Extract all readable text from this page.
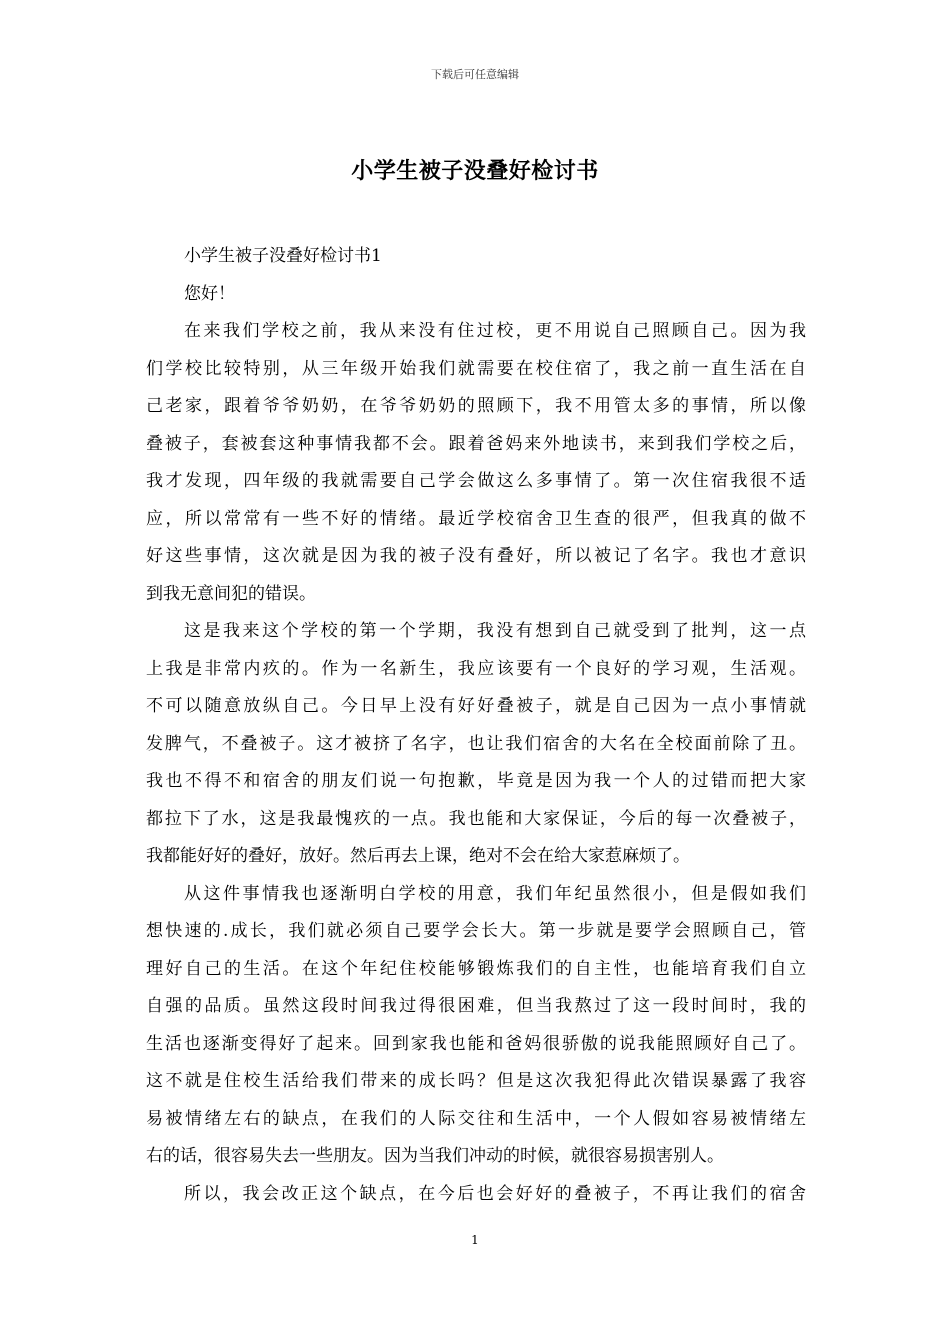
下载后可任意编辑
小学生被子没叠好检讨书
小学生被子没叠好检讨书1
您好！
在来我们学校之前，我从来没有住过校，更不用说自己照顾自己。因为我
们学校比较特别，从三年级开始我们就需要在校住宿了，我之前一直生活在自
己老家，跟着爷爷奶奶，在爷爷奶奶的照顾下，我不用管太多的事情，所以像
叠被子，套被套这种事情我都不会。跟着爸妈来外地读书，来到我们学校之后，
我才发现，四年级的我就需要自己学会做这么多事情了。第一次住宿我很不适
应，所以常常有一些不好的情绪。最近学校宿舍卫生查的很严，但我真的做不
好这些事情，这次就是因为我的被子没有叠好，所以被记了名字。我也才意识
到我无意间犯的错误。
这是我来这个学校的第一个学期，我没有想到自己就受到了批判，这一点
上我是非常内疚的。作为一名新生，我应该要有一个良好的学习观，生活观。
不可以随意放纵自己。今日早上没有好好叠被子，就是自己因为一点小事情就
发脾气，不叠被子。这才被挤了名字，也让我们宿舍的大名在全校面前除了丑。
我也不得不和宿舍的朋友们说一句抱歉，毕竟是因为我一个人的过错而把大家
都拉下了水，这是我最愧疚的一点。我也能和大家保证，今后的每一次叠被子，
我都能好好的叠好，放好。然后再去上课，绝对不会在给大家惹麻烦了。
从这件事情我也逐渐明白学校的用意，我们年纪虽然很小，但是假如我们
想快速的.成长，我们就必须自己要学会长大。第一步就是要学会照顾自己，管
理好自己的生活。在这个年纪住校能够锻炼我们的自主性，也能培育我们自立
自强的品质。虽然这段时间我过得很困难，但当我熬过了这一段时间时，我的
生活也逐渐变得好了起来。回到家我也能和爸妈很骄傲的说我能照顾好自己了。
这不就是住校生活给我们带来的成长吗？但是这次我犯得此次错误暴露了我容
易被情绪左右的缺点，在我们的人际交往和生活中，一个人假如容易被情绪左
右的话，很容易失去一些朋友。因为当我们冲动的时候，就很容易损害别人。
所以，我会改正这个缺点，在今后也会好好的叠被子，不再让我们的宿舍
1
